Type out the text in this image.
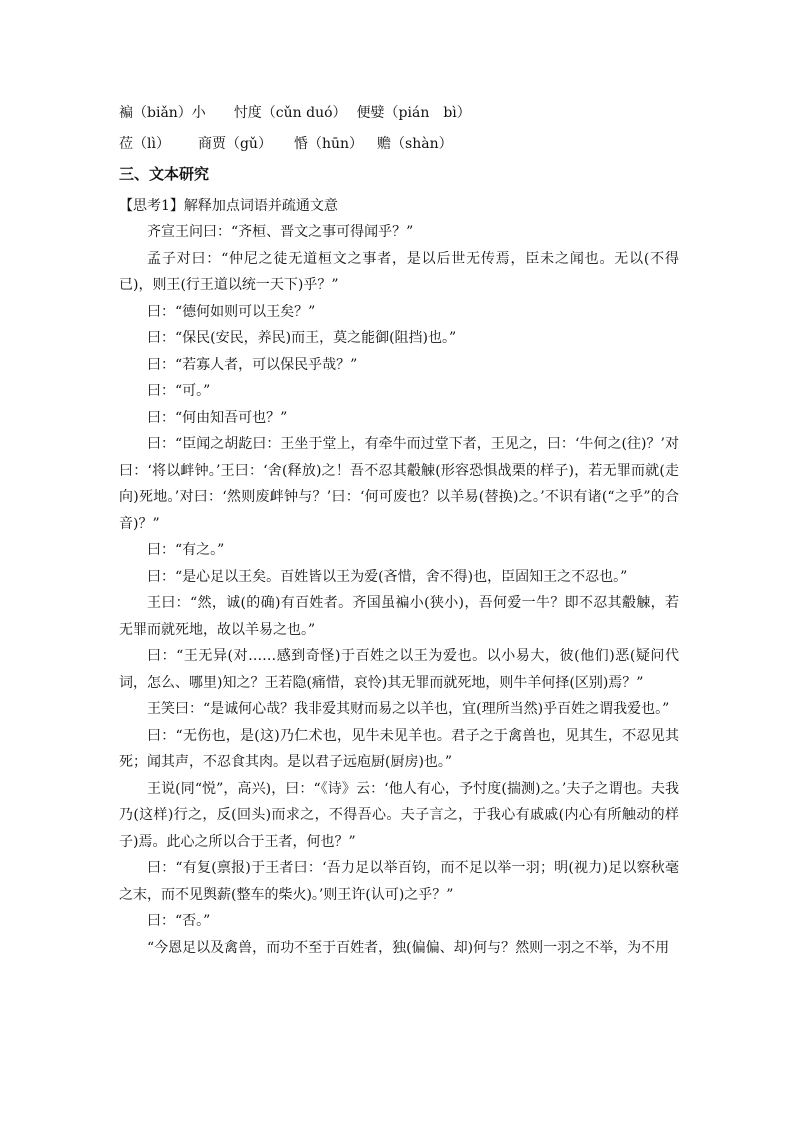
褊（biǎn）小 忖度（cǔn duó） 便嬖（pián　bì）
莅（lì） 商贾（gǔ） 惛（hūn） 赡（shàn）
三、文本研究
【思考1】解释加点词语并疏通文意

齐宣王问曰：“齐桓、晋文之事可得闻乎？”

孟子对曰：“仲尼之徒无道桓文之事者，是以后世无传焉，臣未之闻也。无以(不得已)，则王(行王道以统一天下)乎？”

曰：“德何如则可以王矣？”

曰：“保民(安民，养民)而王，莫之能御(阻挡)也。”

曰：“若寡人者，可以保民乎哉？”

曰：“可。”

曰：“何由知吾可也？”

曰：“臣闻之胡龁曰：王坐于堂上，有牵牛而过堂下者，王见之，曰：‘牛何之(往)？’对曰：‘将以衅钟。’王曰：‘舍(释放)之！吾不忍其觳觫(形容恐惧战栗的样子)，若无罪而就(走向)死地。’对曰：‘然则废衅钟与？’曰：‘何可废也？以羊易(替换)之。’不识有诸(“之乎”的合音)？”

曰：“有之。”

曰：“是心足以王矣。百姓皆以王为爱(吝惜，舍不得)也，臣固知王之不忍也。”

王曰：“然，诚(的确)有百姓者。齐国虽褊小(狭小)，吾何爱一牛？即不忍其觳觫，若无罪而就死地，故以羊易之也。”

曰：“王无异(对……感到奇怪)于百姓之以王为爱也。以小易大，彼(他们)恶(疑问代词，怎么、哪里)知之？王若隐(痛惜，哀怜)其无罪而就死地，则牛羊何择(区别)焉？”

王笑曰：“是诚何心哉？我非爱其财而易之以羊也，宜(理所当然)乎百姓之谓我爱也。”

曰：“无伤也，是(这)乃仁术也，见牛未见羊也。君子之于禽兽也，见其生，不忍见其死；闻其声，不忍食其肉。是以君子远庖厨(厨房)也。”

王说(同“悦”，高兴)，曰：“《诗》云：‘他人有心，予忖度(揣测)之。’夫子之谓也。夫我乃(这样)行之，反(回头)而求之，不得吾心。夫子言之，于我心有戚戚(内心有所触动的样子)焉。此心之所以合于王者，何也？”

曰：“有复(禀报)于王者曰：‘吾力足以举百钧，而不足以举一羽；明(视力)足以察秋毫之末，而不见舆薪(整车的柴火)。’则王许(认可)之乎？”

曰：“否。”

“今恩足以及禽兽，而功不至于百姓者，独(偏偏、却)何与？然则一羽之不举，为不用
